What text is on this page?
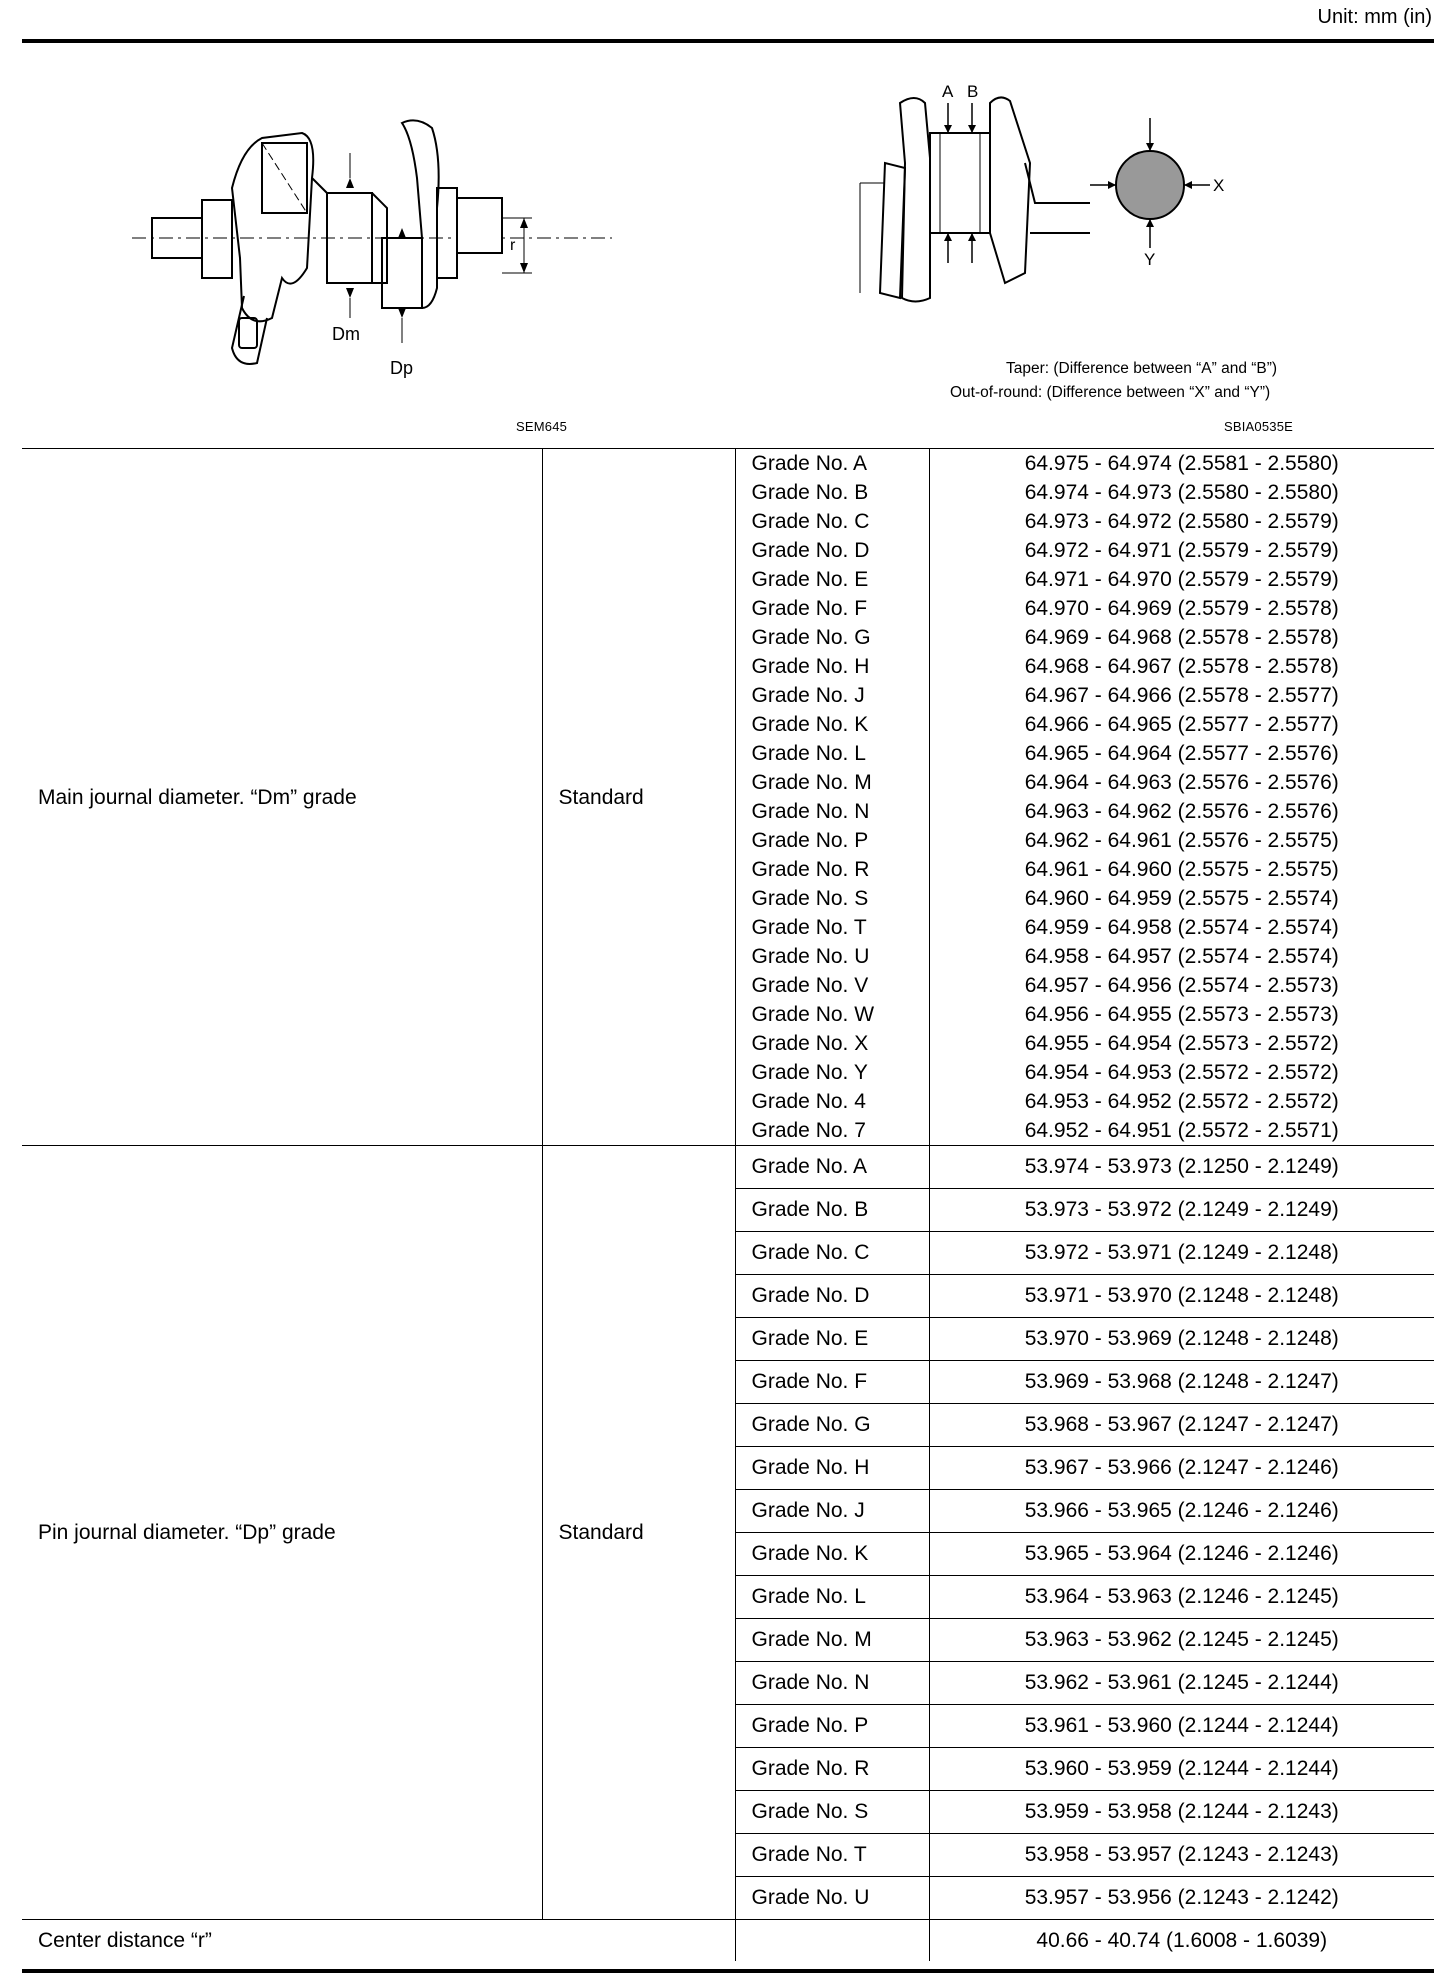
Unit: mm (in)
Dm
Dp
r
SEM645
A B
X
Y
Taper: (Difference between “A” and “B”)
Out-of-round: (Difference between “X” and “Y”)
SBIA0535E
Main journal diameter. “Dm” grade	Standard	Grade No. A	64.975 - 64.974 (2.5581 - 2.5580)
		Grade No. B	64.974 - 64.973 (2.5580 - 2.5580)
		Grade No. C	64.973 - 64.972 (2.5580 - 2.5579)
		Grade No. D	64.972 - 64.971 (2.5579 - 2.5579)
		Grade No. E	64.971 - 64.970 (2.5579 - 2.5579)
		Grade No. F	64.970 - 64.969 (2.5579 - 2.5578)
		Grade No. G	64.969 - 64.968 (2.5578 - 2.5578)
		Grade No. H	64.968 - 64.967 (2.5578 - 2.5578)
		Grade No. J	64.967 - 64.966 (2.5578 - 2.5577)
		Grade No. K	64.966 - 64.965 (2.5577 - 2.5577)
		Grade No. L	64.965 - 64.964 (2.5577 - 2.5576)
		Grade No. M	64.964 - 64.963 (2.5576 - 2.5576)
		Grade No. N	64.963 - 64.962 (2.5576 - 2.5576)
		Grade No. P	64.962 - 64.961 (2.5576 - 2.5575)
		Grade No. R	64.961 - 64.960 (2.5575 - 2.5575)
		Grade No. S	64.960 - 64.959 (2.5575 - 2.5574)
		Grade No. T	64.959 - 64.958 (2.5574 - 2.5574)
		Grade No. U	64.958 - 64.957 (2.5574 - 2.5574)
		Grade No. V	64.957 - 64.956 (2.5574 - 2.5573)
		Grade No. W	64.956 - 64.955 (2.5573 - 2.5573)
		Grade No. X	64.955 - 64.954 (2.5573 - 2.5572)
		Grade No. Y	64.954 - 64.953 (2.5572 - 2.5572)
		Grade No. 4	64.953 - 64.952 (2.5572 - 2.5572)
		Grade No. 7	64.952 - 64.951 (2.5572 - 2.5571)
Pin journal diameter. “Dp” grade	Standard	Grade No. A	53.974 - 53.973 (2.1250 - 2.1249)
		Grade No. B	53.973 - 53.972 (2.1249 - 2.1249)
		Grade No. C	53.972 - 53.971 (2.1249 - 2.1248)
		Grade No. D	53.971 - 53.970 (2.1248 - 2.1248)
		Grade No. E	53.970 - 53.969 (2.1248 - 2.1248)
		Grade No. F	53.969 - 53.968 (2.1248 - 2.1247)
		Grade No. G	53.968 - 53.967 (2.1247 - 2.1247)
		Grade No. H	53.967 - 53.966 (2.1247 - 2.1246)
		Grade No. J	53.966 - 53.965 (2.1246 - 2.1246)
		Grade No. K	53.965 - 53.964 (2.1246 - 2.1246)
		Grade No. L	53.964 - 53.963 (2.1246 - 2.1245)
		Grade No. M	53.963 - 53.962 (2.1245 - 2.1245)
		Grade No. N	53.962 - 53.961 (2.1245 - 2.1244)
		Grade No. P	53.961 - 53.960 (2.1244 - 2.1244)
		Grade No. R	53.960 - 53.959 (2.1244 - 2.1244)
		Grade No. S	53.959 - 53.958 (2.1244 - 2.1243)
		Grade No. T	53.958 - 53.957 (2.1243 - 2.1243)
		Grade No. U	53.957 - 53.956 (2.1243 - 2.1242)
Center distance “r”			40.66 - 40.74 (1.6008 - 1.6039)
